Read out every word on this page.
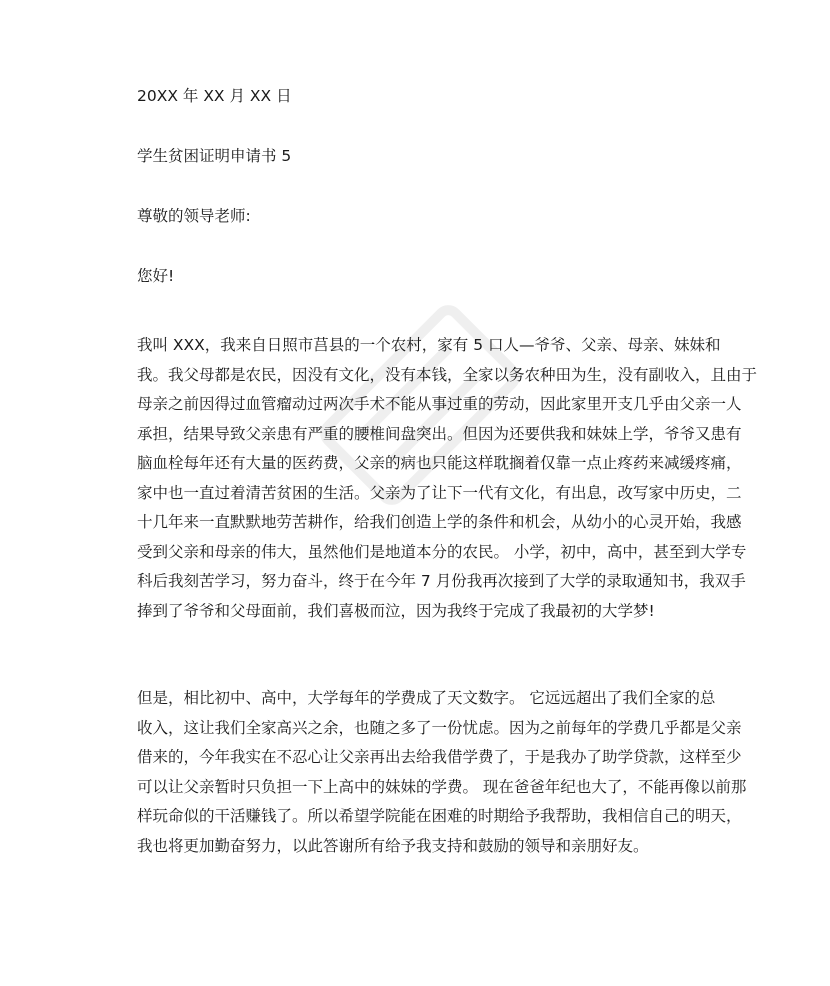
20XX 年 XX 月 XX 日
学生贫困证明申请书 5
尊敬的领导老师:
您好!
我叫 XXX，我来自日照市莒县的一个农村，家有 5 口人—爷爷、父亲、母亲、妹妹和
我。我父母都是农民，因没有文化，没有本钱，全家以务农种田为生，没有副收入，且由于
母亲之前因得过血管瘤动过两次手术不能从事过重的劳动，因此家里开支几乎由父亲一人
承担，结果导致父亲患有严重的腰椎间盘突出。但因为还要供我和妹妹上学，爷爷又患有
脑血栓每年还有大量的医药费，父亲的病也只能这样耽搁着仅靠一点止疼药来减缓疼痛，
家中也一直过着清苦贫困的生活。父亲为了让下一代有文化，有出息，改写家中历史，二
十几年来一直默默地劳苦耕作，给我们创造上学的条件和机会，从幼小的心灵开始，我感
受到父亲和母亲的伟大，虽然他们是地道本分的农民。 小学，初中，高中，甚至到大学专
科后我刻苦学习，努力奋斗，终于在今年 7 月份我再次接到了大学的录取通知书，我双手
捧到了爷爷和父母面前，我们喜极而泣，因为我终于完成了我最初的大学梦!
但是，相比初中、高中，大学每年的学费成了天文数字。 它远远超出了我们全家的总
收入，这让我们全家高兴之余，也随之多了一份忧虑。因为之前每年的学费几乎都是父亲
借来的，今年我实在不忍心让父亲再出去给我借学费了，于是我办了助学贷款，这样至少
可以让父亲暂时只负担一下上高中的妹妹的学费。 现在爸爸年纪也大了，不能再像以前那
样玩命似的干活赚钱了。所以希望学院能在困难的时期给予我帮助，我相信自己的明天，
我也将更加勤奋努力，以此答谢所有给予我支持和鼓励的领导和亲朋好友。
